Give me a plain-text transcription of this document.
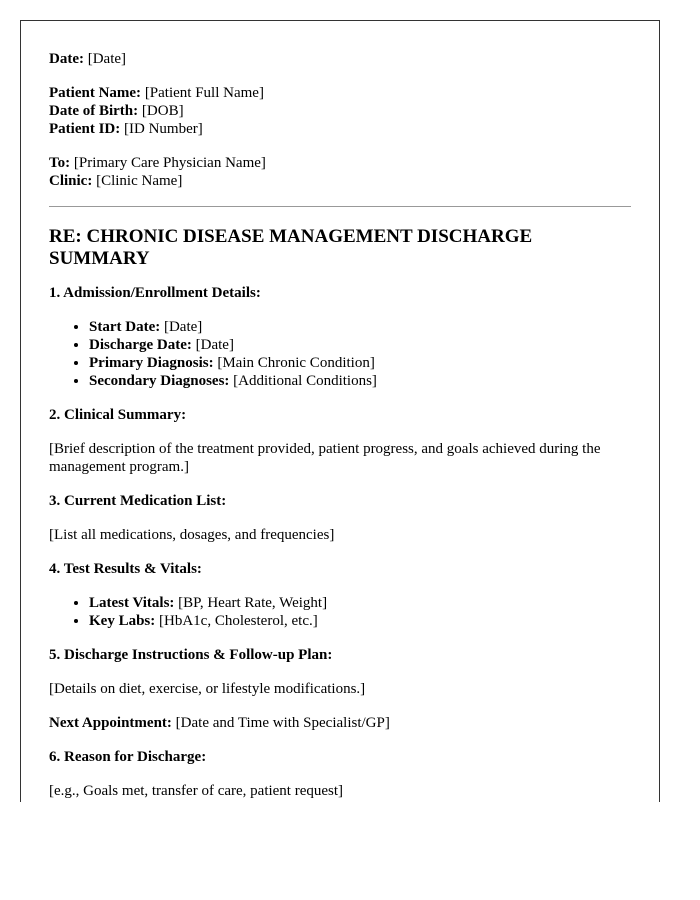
Date: [Date]

Patient Name: [Patient Full Name]
Date of Birth: [DOB]
Patient ID: [ID Number]
To: [Primary Care Physician Name]
Clinic: [Clinic Name]
RE: CHRONIC DISEASE MANAGEMENT DISCHARGE SUMMARY
1. Admission/Enrollment Details:
• Start Date: [Date]
• Discharge Date: [Date]
• Primary Diagnosis: [Main Chronic Condition]
• Secondary Diagnoses: [Additional Conditions]
2. Clinical Summary:

[Brief description of the treatment provided, patient progress, and goals achieved during the management program.]

3. Current Medication List:

[List all medications, dosages, and frequencies]

4. Test Results & Vitals:
• Latest Vitals: [BP, Heart Rate, Weight]
• Key Labs: [HbA1c, Cholesterol, etc.]
5. Discharge Instructions & Follow-up Plan:

[Details on diet, exercise, or lifestyle modifications.]

Next Appointment: [Date and Time with Specialist/GP]

6. Reason for Discharge:

[e.g., Goals met, transfer of care, patient request]
